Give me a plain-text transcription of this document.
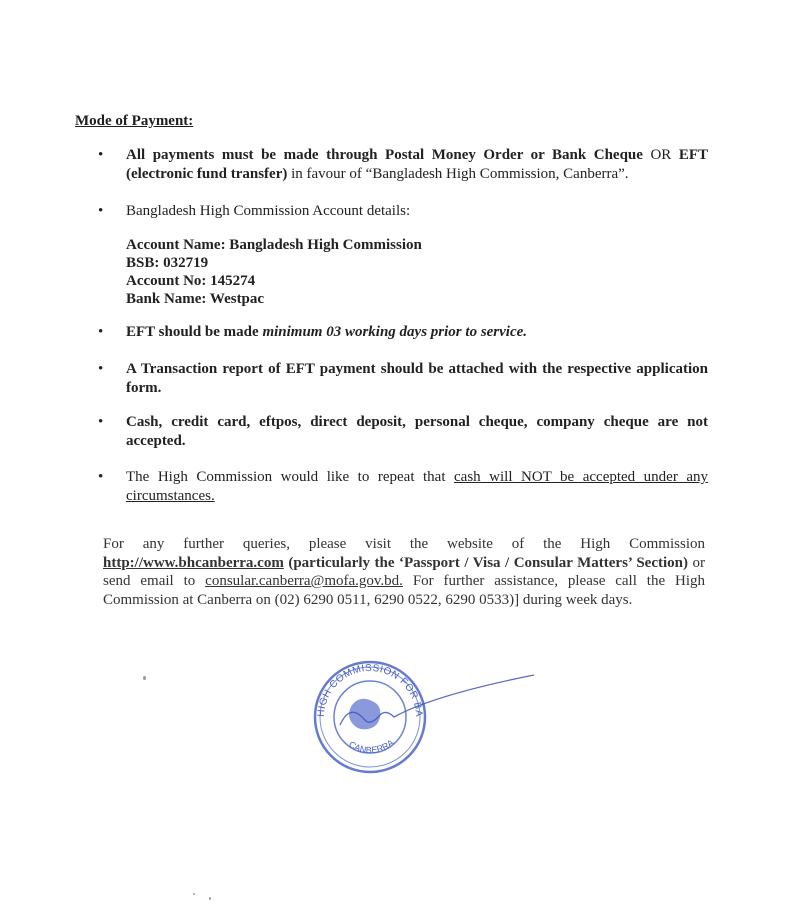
Mode of Payment:
•	All payments must be made through Postal Money Order or Bank Cheque OR EFT (electronic fund transfer) in favour of “Bangladesh High Commission, Canberra”.
•	Bangladesh High Commission Account details:
•	EFT should be made minimum 03 working days prior to service.
•	A Transaction report of EFT payment should be attached with the respective application form.
•	Cash, credit card, eftpos, direct deposit, personal cheque, company cheque are not accepted.
•	The High Commission would like to repeat that cash will NOT be accepted under any circumstances.
Account Name: Bangladesh High Commission
BSB: 032719
Account No: 145274
Bank Name: Westpac
For any further queries, please visit the website of the High Commission http://www.bhcanberra.com (particularly the ‘Passport / Visa / Consular Matters’ Section) or send email to consular.canberra@mofa.gov.bd. For further assistance, please call the High Commission at Canberra on (02) 6290 0511, 6290 0522, 6290 0533)] during week days.
HIGH COMMISSION FOR BA
CANBERRA
